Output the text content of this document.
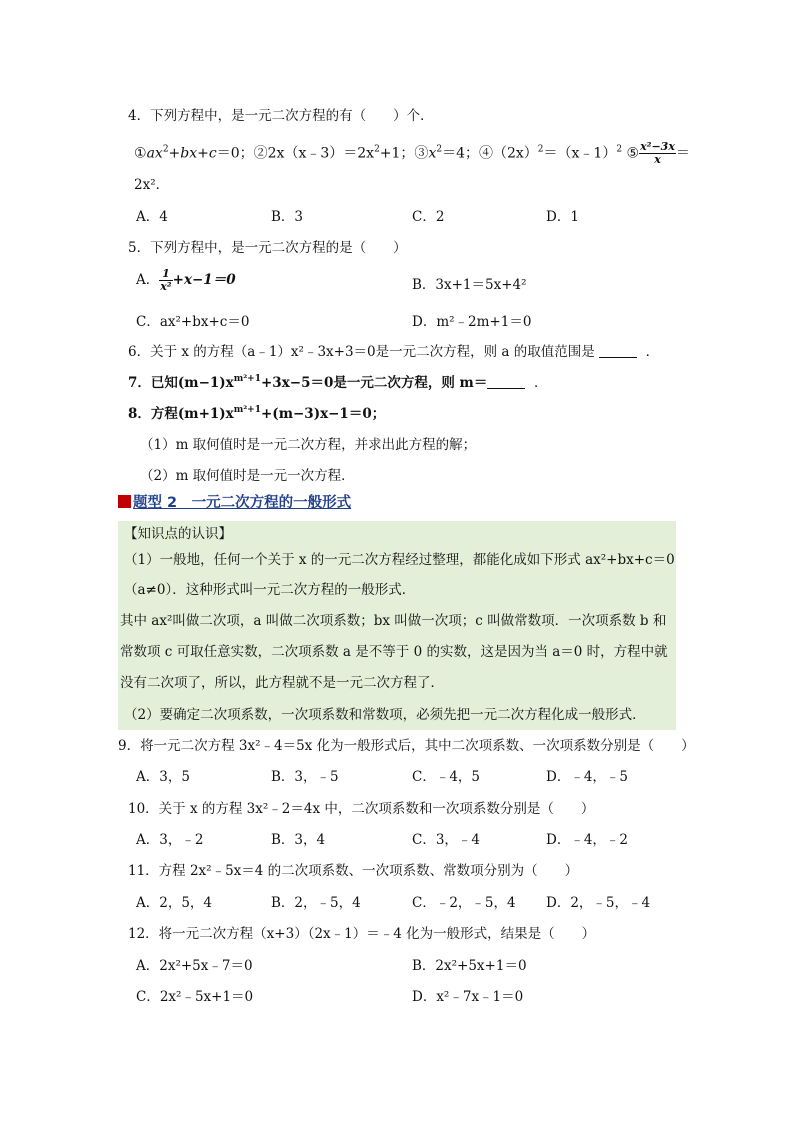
4．下列方程中，是一元二次方程的有（　　）个．
$①ax^2+bx+c=0$；$②2x(x﹣3)=2x^2+1$；$③x^2=4$；$④(2x)^2=(x﹣1)^2$ ⑤ $\frac{\text{x²−3x}}{x}$ ＝
2x²．
A．4	B．3	C．2	D．1
5．下列方程中，是一元二次方程的是（　　）
A． $\frac{1}{\text{x²}} +x-1=0$	B．3x+1＝5x+4²
C．ax²+bx+c＝0	D．m²﹣2m+1＝0
6．关于 x 的方程（a﹣1）x²﹣3x+3＝0是一元二次方程，则 a 的取值范围是	．
7．已知$(m-1)x^{m^2+1}+3x-5=0$是一元二次方程，则 m＝	．
8．方程$(m+1)x^{m^2+1}+(m-3)x-1=0$；
（1）m 取何值时是一元二次方程，并求出此方程的解；
（2）m 取何值时是一元一次方程．
题型 2　一元二次方程的一般形式
【知识点的认识】
（1）一般地，任何一个关于 x 的一元二次方程经过整理，都能化成如下形式 ax²+bx+c＝0
（a≠0）．这种形式叫一元二次方程的一般形式．
其中 ax²叫做二次项，a 叫做二次项系数；bx 叫做一次项；c 叫做常数项．一次项系数 b 和
常数项 c 可取任意实数，二次项系数 a 是不等于 0 的实数，这是因为当 a＝0 时，方程中就
没有二次项了，所以，此方程就不是一元二次方程了．
（2）要确定二次项系数，一次项系数和常数项，必须先把一元二次方程化成一般形式．
9．将一元二次方程 3x²﹣4＝5x 化为一般形式后，其中二次项系数、一次项系数分别是（　　）
A．3，5	B．3，﹣5	C．﹣4，5	D．﹣4，﹣5
10．关于 x 的方程 3x²﹣2＝4x 中，二次项系数和一次项系数分别是（　　）
A．3，﹣2	B．3，4	C．3，﹣4	D．﹣4，﹣2
11．方程 2x²﹣5x＝4 的二次项系数、一次项系数、常数项分别为（　　）
A．2，5，4	B．2，﹣5，4	C．﹣2，﹣5，4 D．2，﹣5，﹣4
12．将一元二次方程（x+3）（2x﹣1）＝﹣4 化为一般形式，结果是（　　）
A．2x²+5x﹣7＝0	B．2x²+5x+1＝0
C．2x²﹣5x+1＝0	D．x²﹣7x﹣1＝0
